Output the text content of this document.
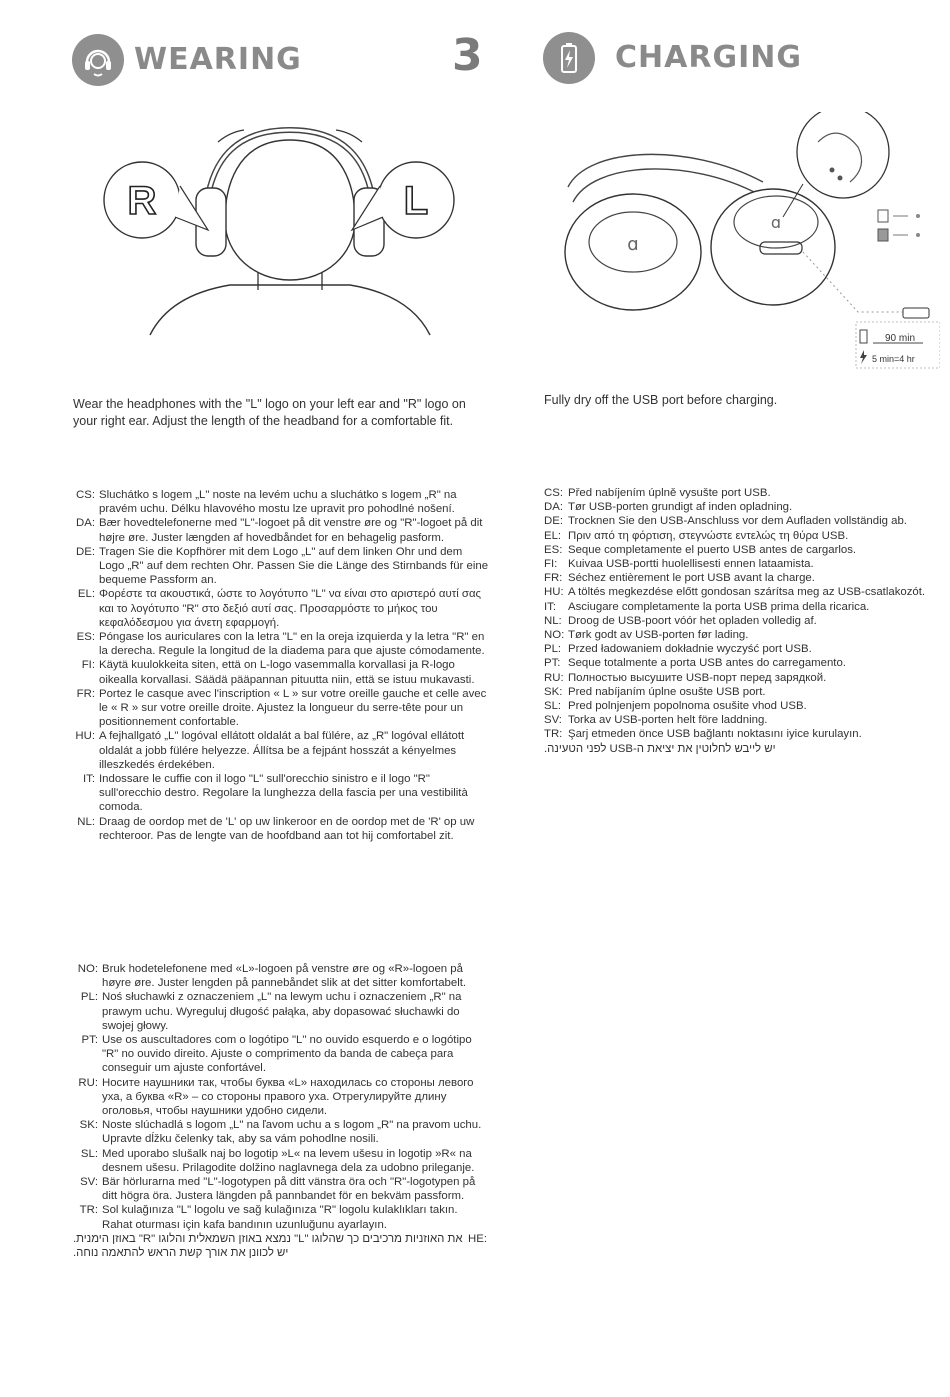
WEARING	3
R	L
Wear the headphones with the "L" logo on your left ear and "R" logo on your right ear. Adjust the length of the headband for a comfortable fit.
CS: Sluchátko s logem „L" noste na levém uchu a sluchátko s logem „R" na pravém uchu. Délku hlavového mostu lze upravit pro pohodlné nošení.
DA: Bær hovedtelefonerne med "L"-logoet på dit venstre øre og "R"-logoet på dit højre øre. Juster længden af hovedbåndet for en behagelig pasform.
DE: Tragen Sie die Kopfhörer mit dem Logo „L" auf dem linken Ohr und dem Logo „R" auf dem rechten Ohr. Passen Sie die Länge des Stirnbands für eine bequeme Passform an.
EL: Φορέστε τα ακουστικά, ώστε το λογότυπο "L" να είναι στο αριστερό αυτί σας και το λογότυπο "R" στο δεξιό αυτί σας. Προσαρμόστε το μήκος του κεφαλόδεσμου για άνετη εφαρμογή.
ES: Póngase los auriculares con la letra "L" en la oreja izquierda y la letra "R" en la derecha. Regule la longitud de la diadema para que ajuste cómodamente.
FI: Käytä kuulokkeita siten, että on L-logo vasemmalla korvallasi ja R-logo oikealla korvallasi. Säädä pääpannan pituutta niin, että se istuu mukavasti.
FR: Portez le casque avec l'inscription « L » sur votre oreille gauche et celle avec le « R » sur votre oreille droite. Ajustez la longueur du serre-tête pour un positionnement confortable.
HU: A fejhallgató „L" logóval ellátott oldalát a bal fülére, az „R" logóval ellátott oldalát a jobb fülére helyezze. Állítsa be a fejpánt hosszát a kényelmes illeszkedés érdekében.
IT: Indossare le cuffie con il logo "L" sull'orecchio sinistro e il logo "R" sull'orecchio destro. Regolare la lunghezza della fascia per una vestibilità comoda.
NL: Draag de oordop met de 'L' op uw linkeroor en de oordop met de 'R' op uw rechteroor. Pas de lengte van de hoofdband aan tot hij comfortabel zit.
NO: Bruk hodetelefonene med «L»-logoen på venstre øre og «R»-logoen på høyre øre. Juster lengden på pannebåndet slik at det sitter komfortabelt.
PL: Noś słuchawki z oznaczeniem „L" na lewym uchu i oznaczeniem „R" na prawym uchu. Wyreguluj długość pałąka, aby dopasować słuchawki do swojej głowy.
PT: Use os auscultadores com o logótipo "L" no ouvido esquerdo e o logótipo "R" no ouvido direito. Ajuste o comprimento da banda de cabeça para conseguir um ajuste confortável.
RU: Носите наушники так, чтобы буква «L» находилась со стороны левого уха, а буква «R» – со стороны правого уха. Отрегулируйте длину оголовья, чтобы наушники удобно сидели.
SK: Noste slúchadlá s logom „L" na ľavom uchu a s logom „R" na pravom uchu. Upravte dĺžku čelenky tak, aby sa vám pohodlne nosili.
SL: Med uporabo slušalk naj bo logotip »L« na levem ušesu in logotip »R« na desnem ušesu. Prilagodite dolžino naglavnega dela za udobno prileganje.
SV: Bär hörlurarna med "L"-logotypen på ditt vänstra öra och "R"-logotypen på ditt högra öra. Justera längden på pannbandet för en bekväm passform.
TR: Sol kulağınıza "L" logolu ve sağ kulağınıza "R" logolu kulaklıkları takın. Rahat oturması için kafa bandının uzunluğunu ayarlayın.
:HE
את האוזניות מרכיבים כך שהלוגו "L" נמצא באוזן השמאלית והלוגו "R" באוזן הימנית. יש לכוונן את אורך קשת הראש להתאמה נוחה.
CHARGING
ɑ
ɑ
90 min
5 min=4 hr
Fully dry off the USB port before charging.
CS: Před nabíjením úplně vysušte port USB.
DA: Tør USB-porten grundigt af inden opladning.
DE: Trocknen Sie den USB-Anschluss vor dem Aufladen vollständig ab.
EL: Πριν από τη φόρτιση, στεγνώστε εντελώς τη θύρα USB.
ES: Seque completamente el puerto USB antes de cargarlos.
FI: Kuivaa USB-portti huolellisesti ennen lataamista.
FR: Séchez entièrement le port USB avant la charge.
HU: A töltés megkezdése előtt gondosan szárítsa meg az USB-csatlakozót.
IT:	Asciugare completamente la porta USB prima della ricarica.
NL: Droog de USB-poort vóór het opladen volledig af.
NO: Tørk godt av USB-porten før lading.
PL: Przed ładowaniem dokładnie wyczyść port USB.
PT: Seque totalmente a porta USB antes do carregamento.
RU: Полностью высушите USB-порт перед зарядкой.
SK: Pred nabíjaním úplne osušte USB port.
SL: Pred polnjenjem popolnoma osušite vhod USB.
SV: Torka av USB-porten helt före laddning.
TR: Şarj etmeden önce USB bağlantı noktasını iyice kurulayın.
יש לייבש לחלוטין את יציאת ה-USB לפני הטעינה.
